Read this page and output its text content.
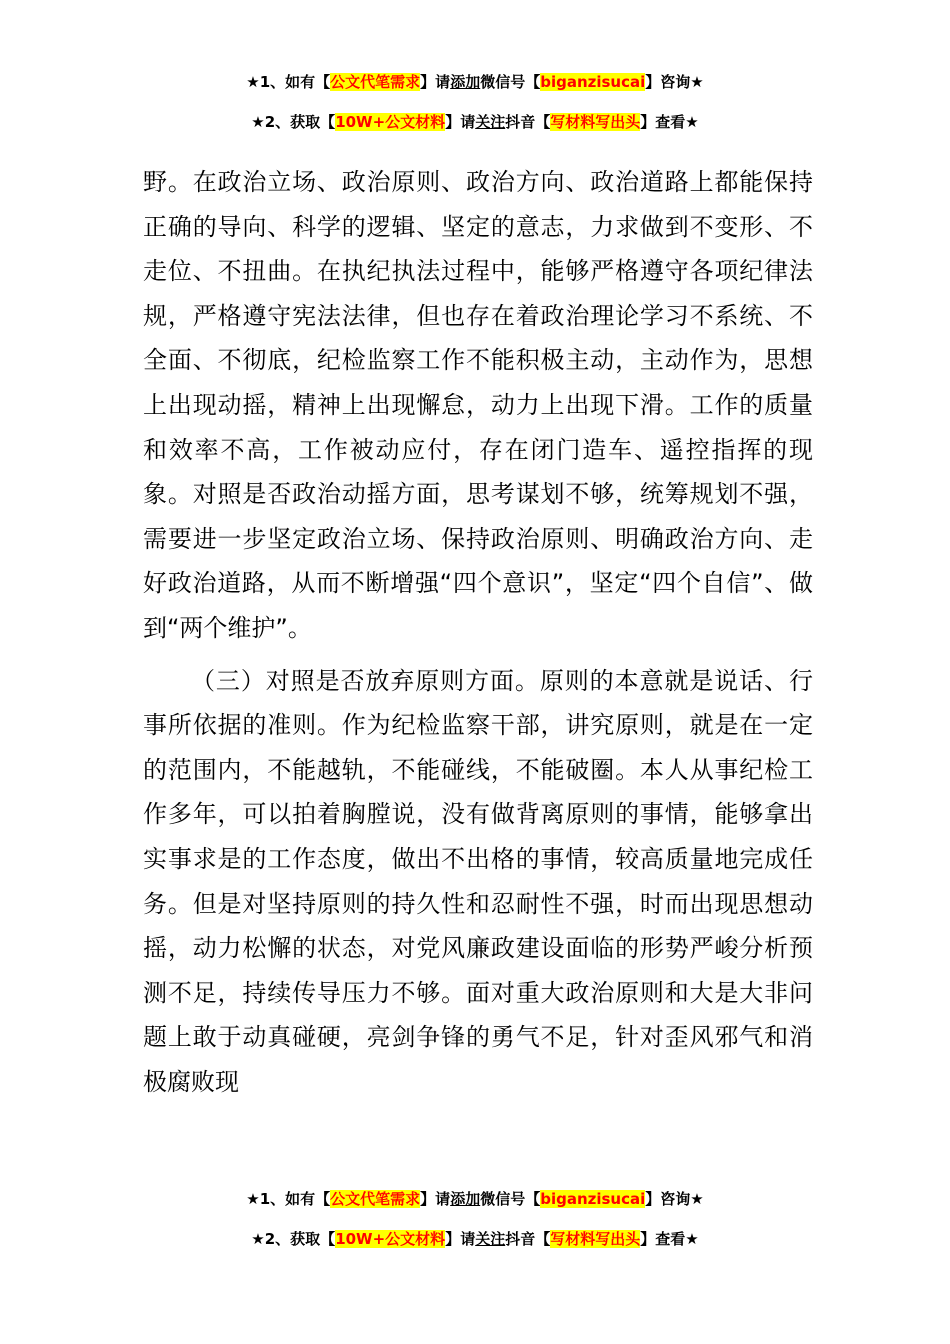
★1、如有【公文代笔需求】请添加微信号【biganzisucai】咨询★
★2、获取【10W+公文材料】请关注抖音【写材料写出头】查看★

野。在政治立场、政治原则、政治方向、政治道路上都能保持正确的导向、科学的逻辑、坚定的意志，力求做到不变形、不走位、不扭曲。在执纪执法过程中，能够严格遵守各项纪律法规，严格遵守宪法法律，但也存在着政治理论学习不系统、不全面、不彻底，纪检监察工作不能积极主动，主动作为，思想上出现动摇，精神上出现懈怠，动力上出现下滑。工作的质量和效率不高，工作被动应付，存在闭门造车、遥控指挥的现象。对照是否政治动摇方面，思考谋划不够，统筹规划不强，需要进一步坚定政治立场、保持政治原则、明确政治方向、走好政治道路，从而不断增强“四个意识”，坚定“四个自信”、做到“两个维护”。

（三）对照是否放弃原则方面。原则的本意就是说话、行事所依据的准则。作为纪检监察干部，讲究原则，就是在一定的范围内，不能越轨，不能碰线，不能破圈。本人从事纪检工作多年，可以拍着胸膛说，没有做背离原则的事情，能够拿出实事求是的工作态度，做出不出格的事情，较高质量地完成任务。但是对坚持原则的持久性和忍耐性不强，时而出现思想动摇，动力松懈的状态，对党风廉政建设面临的形势严峻分析预测不足，持续传导压力不够。面对重大政治原则和大是大非问题上敢于动真碰硬，亮剑争锋的勇气不足，针对歪风邪气和消极腐败现

★1、如有【公文代笔需求】请添加微信号【biganzisucai】咨询★
★2、获取【10W+公文材料】请关注抖音【写材料写出头】查看★
